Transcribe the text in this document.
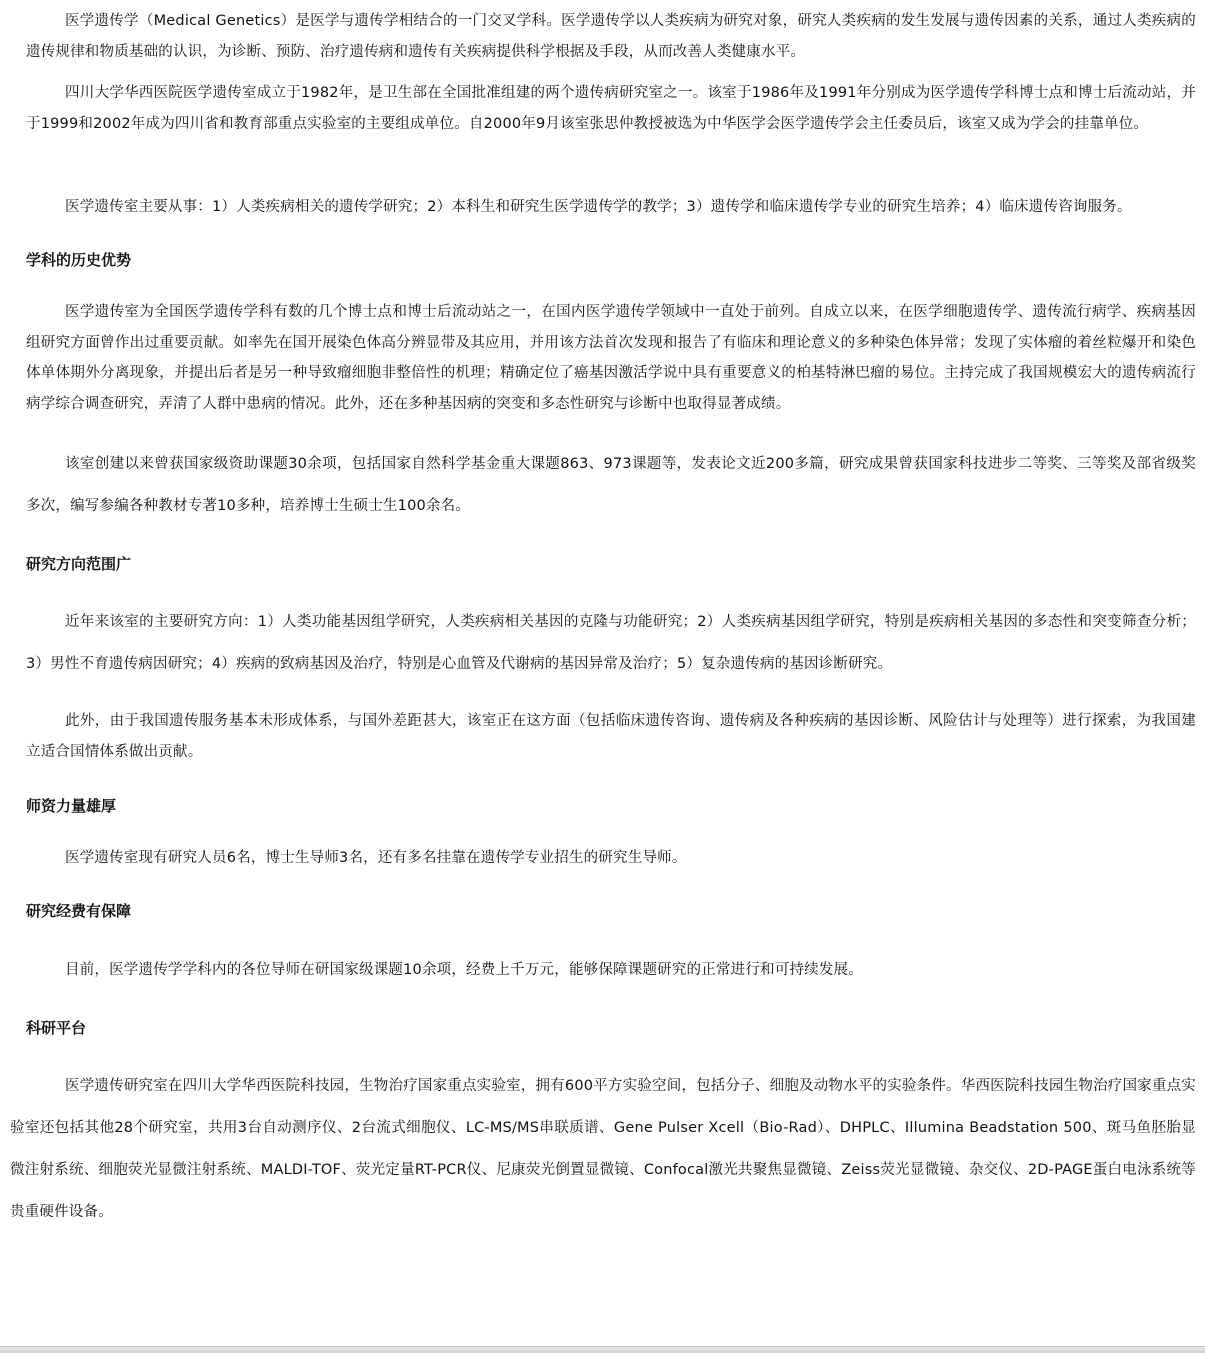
医学遗传学（Medical Genetics）是医学与遗传学相结合的一门交叉学科。医学遗传学以人类疾病为研究对象，研究人类疾病的发生发展与遗传因素的关系，通过人类疾病的遗传规律和物质基础的认识，为诊断、预防、治疗遗传病和遗传有关疾病提供科学根据及手段，从而改善人类健康水平。

四川大学华西医院医学遗传室成立于1982年，是卫生部在全国批准组建的两个遗传病研究室之一。该室于1986年及1991年分别成为医学遗传学科博士点和博士后流动站，并于1999和2002年成为四川省和教育部重点实验室的主要组成单位。自2000年9月该室张思仲教授被选为中华医学会医学遗传学会主任委员后，该室又成为学会的挂靠单位。

医学遗传室主要从事：1）人类疾病相关的遗传学研究；2）本科生和研究生医学遗传学的教学；3）遗传学和临床遗传学专业的研究生培养；4）临床遗传咨询服务。

学科的历史优势

医学遗传室为全国医学遗传学科有数的几个博士点和博士后流动站之一，在国内医学遗传学领域中一直处于前列。自成立以来，在医学细胞遗传学、遗传流行病学、疾病基因组研究方面曾作出过重要贡献。如率先在国开展染色体高分辨显带及其应用，并用该方法首次发现和报告了有临床和理论意义的多种染色体异常；发现了实体瘤的着丝粒爆开和染色体单体期外分离现象，并提出后者是另一种导致瘤细胞非整倍性的机理；精确定位了癌基因激活学说中具有重要意义的柏基特淋巴瘤的易位。主持完成了我国规模宏大的遗传病流行病学综合调查研究，弄清了人群中患病的情况。此外，还在多种基因病的突变和多态性研究与诊断中也取得显著成绩。

该室创建以来曾获国家级资助课题30余项，包括国家自然科学基金重大课题863、973课题等，发表论文近200多篇，研究成果曾获国家科技进步二等奖、三等奖及部省级奖多次，编写参编各种教材专著10多种，培养博士生硕士生100余名。

研究方向范围广

近年来该室的主要研究方向：1）人类功能基因组学研究，人类疾病相关基因的克隆与功能研究；2）人类疾病基因组学研究，特别是疾病相关基因的多态性和突变筛查分析；3）男性不育遗传病因研究；4）疾病的致病基因及治疗，特别是心血管及代谢病的基因异常及治疗；5）复杂遗传病的基因诊断研究。

此外，由于我国遗传服务基本未形成体系，与国外差距甚大，该室正在这方面（包括临床遗传咨询、遗传病及各种疾病的基因诊断、风险估计与处理等）进行探索，为我国建立适合国情体系做出贡献。

师资力量雄厚

医学遗传室现有研究人员6名，博士生导师3名，还有多名挂靠在遗传学专业招生的研究生导师。

研究经费有保障

目前，医学遗传学学科内的各位导师在研国家级课题10余项，经费上千万元，能够保障课题研究的正常进行和可持续发展。

科研平台

医学遗传研究室在四川大学华西医院科技园，生物治疗国家重点实验室，拥有600平方实验空间，包括分子、细胞及动物水平的实验条件。华西医院科技园生物治疗国家重点实验室还包括其他28个研究室，共用3台自动测序仪、2台流式细胞仪、LC-MS/MS串联质谱、Gene Pulser Xcell（Bio-Rad）、DHPLC、Illumina Beadstation 500、斑马鱼胚胎显微注射系统、细胞荧光显微注射系统、MALDI-TOF、荧光定量RT-PCR仪、尼康荧光倒置显微镜、Confocal激光共聚焦显微镜、Zeiss荧光显微镜、杂交仪、2D-PAGE蛋白电泳系统等贵重硬件设备。
